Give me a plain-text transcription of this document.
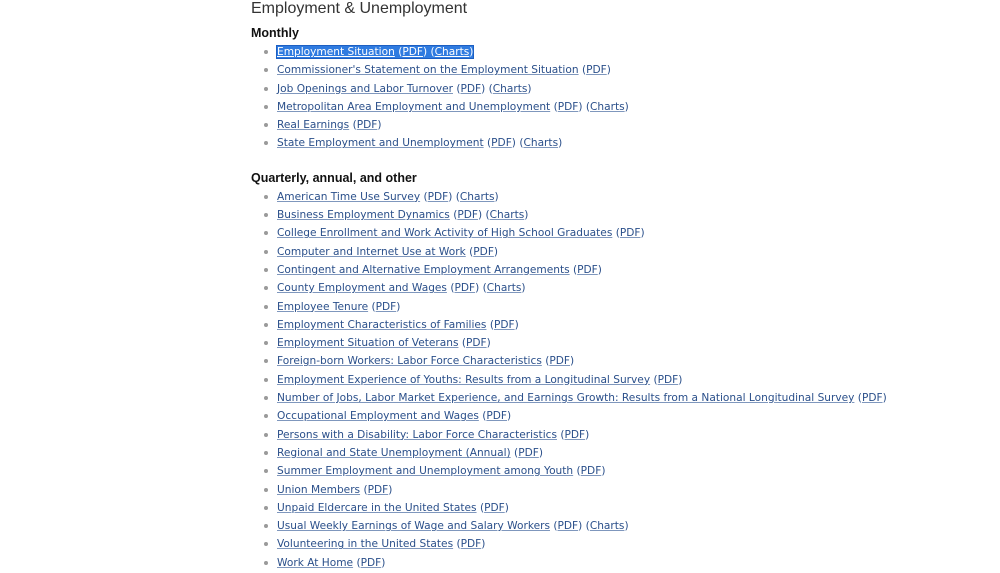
Employment & Unemployment
Monthly
Employment Situation (PDF) (Charts)
Commissioner's Statement on the Employment Situation (PDF)
Job Openings and Labor Turnover (PDF) (Charts)
Metropolitan Area Employment and Unemployment (PDF) (Charts)
Real Earnings (PDF)
State Employment and Unemployment (PDF) (Charts)
Quarterly, annual, and other
American Time Use Survey (PDF) (Charts)
Business Employment Dynamics (PDF) (Charts)
College Enrollment and Work Activity of High School Graduates (PDF)
Computer and Internet Use at Work (PDF)
Contingent and Alternative Employment Arrangements (PDF)
County Employment and Wages (PDF) (Charts)
Employee Tenure (PDF)
Employment Characteristics of Families (PDF)
Employment Situation of Veterans (PDF)
Foreign-born Workers: Labor Force Characteristics (PDF)
Employment Experience of Youths: Results from a Longitudinal Survey (PDF)
Number of Jobs, Labor Market Experience, and Earnings Growth: Results from a National Longitudinal Survey (PDF)
Occupational Employment and Wages (PDF)
Persons with a Disability: Labor Force Characteristics (PDF)
Regional and State Unemployment (Annual) (PDF)
Summer Employment and Unemployment among Youth (PDF)
Union Members (PDF)
Unpaid Eldercare in the United States (PDF)
Usual Weekly Earnings of Wage and Salary Workers (PDF) (Charts)
Volunteering in the United States (PDF)
Work At Home (PDF)
